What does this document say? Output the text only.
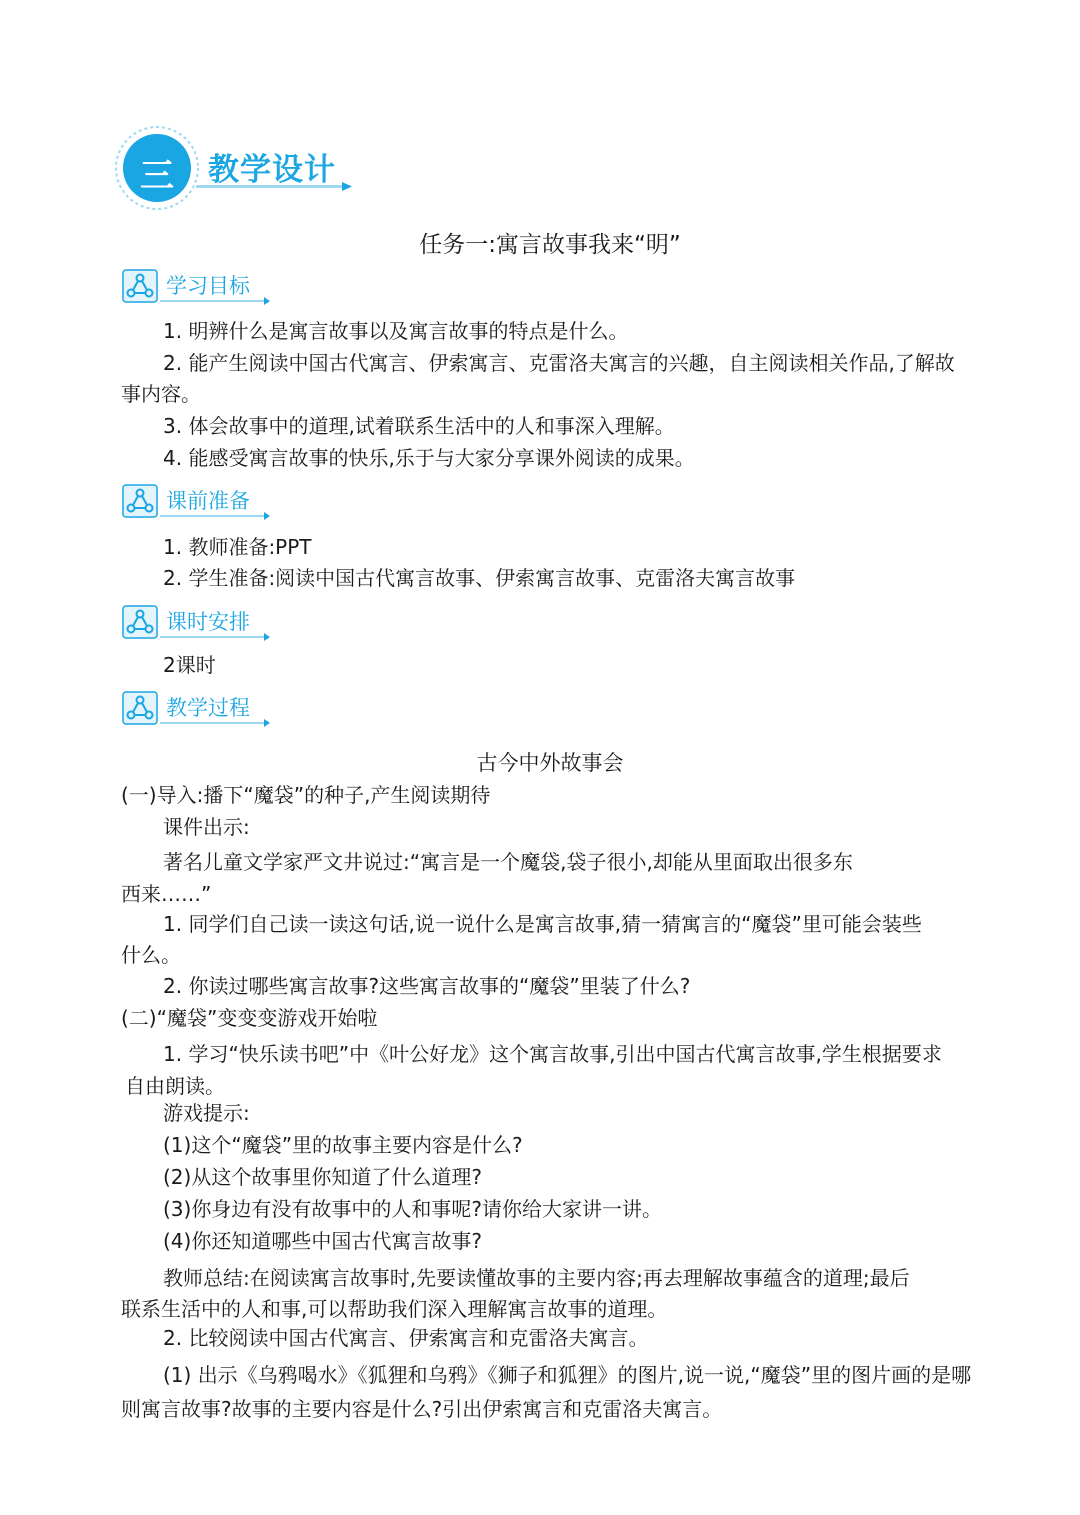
三 教学设计
任务一:寓言故事我来“明”
学习目标
1. 明辨什么是寓言故事以及寓言故事的特点是什么。
2. 能产生阅读中国古代寓言、伊索寓言、克雷洛夫寓言的兴趣，自主阅读相关作品,了解故
事内容。
3. 体会故事中的道理,试着联系生活中的人和事深入理解。
4. 能感受寓言故事的快乐,乐于与大家分享课外阅读的成果。
课前准备
1. 教师准备:PPT
2. 学生准备:阅读中国古代寓言故事、伊索寓言故事、克雷洛夫寓言故事
课时安排
2课时
教学过程
古今中外故事会
(一)导入:播下“魔袋”的种子,产生阅读期待
课件出示:
著名儿童文学家严文井说过:“寓言是一个魔袋,袋子很小,却能从里面取出很多东
西来……”
1. 同学们自己读一读这句话,说一说什么是寓言故事,猜一猜寓言的“魔袋”里可能会装些
什么。
2. 你读过哪些寓言故事?这些寓言故事的“魔袋”里装了什么?
(二)“魔袋”变变变游戏开始啦
1. 学习“快乐读书吧”中《叶公好龙》这个寓言故事,引出中国古代寓言故事,学生根据要求
自由朗读。
游戏提示:
(1)这个“魔袋”里的故事主要内容是什么?
(2)从这个故事里你知道了什么道理?
(3)你身边有没有故事中的人和事呢?请你给大家讲一讲。
(4)你还知道哪些中国古代寓言故事?
教师总结:在阅读寓言故事时,先要读懂故事的主要内容;再去理解故事蕴含的道理;最后
联系生活中的人和事,可以帮助我们深入理解寓言故事的道理。
2. 比较阅读中国古代寓言、伊索寓言和克雷洛夫寓言。
(1) 出示《乌鸦喝水》《狐狸和乌鸦》《狮子和狐狸》的图片,说一说,“魔袋”里的图片画的是哪
则寓言故事?故事的主要内容是什么?引出伊索寓言和克雷洛夫寓言。
